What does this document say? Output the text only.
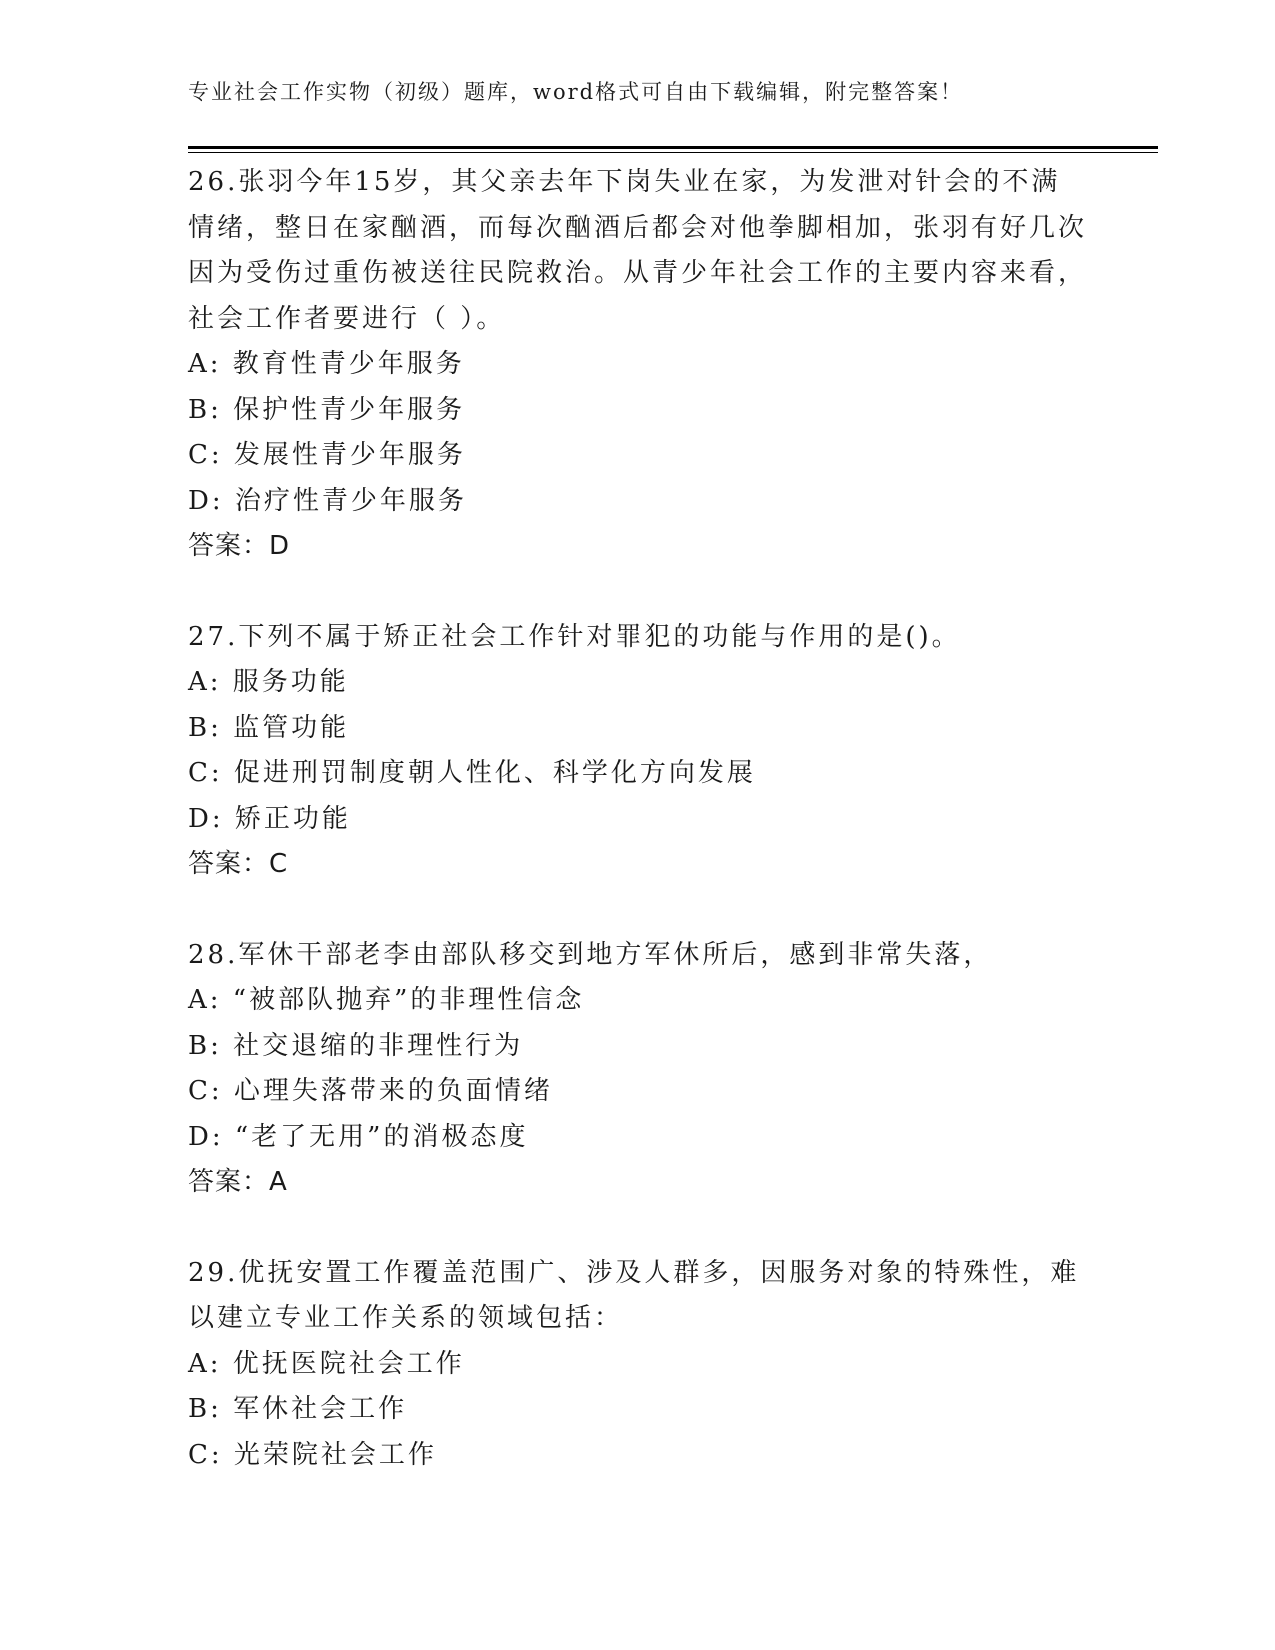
专业社会工作实物（初级）题库，word格式可自由下载编辑，附完整答案！
26.张羽今年15岁，其父亲去年下岗失业在家，为发泄对针会的不满情绪，整日在家酗酒，而每次酗酒后都会对他拳脚相加，张羽有好几次因为受伤过重伤被送往民院救治。从青少年社会工作的主要内容来看，社会工作者要进行（ ）。
A: 教育性青少年服务
B: 保护性青少年服务
C: 发展性青少年服务
D: 治疗性青少年服务
答案：D
27.下列不属于矫正社会工作针对罪犯的功能与作用的是()。
A: 服务功能
B: 监管功能
C: 促进刑罚制度朝人性化、科学化方向发展
D: 矫正功能
答案：C
28.军休干部老李由部队移交到地方军休所后，感到非常失落，
A: “被部队抛弃”的非理性信念
B: 社交退缩的非理性行为
C: 心理失落带来的负面情绪
D: “老了无用”的消极态度
答案：A
29.优抚安置工作覆盖范围广、涉及人群多，因服务对象的特殊性，难以建立专业工作关系的领域包括：
A: 优抚医院社会工作
B: 军休社会工作
C: 光荣院社会工作
